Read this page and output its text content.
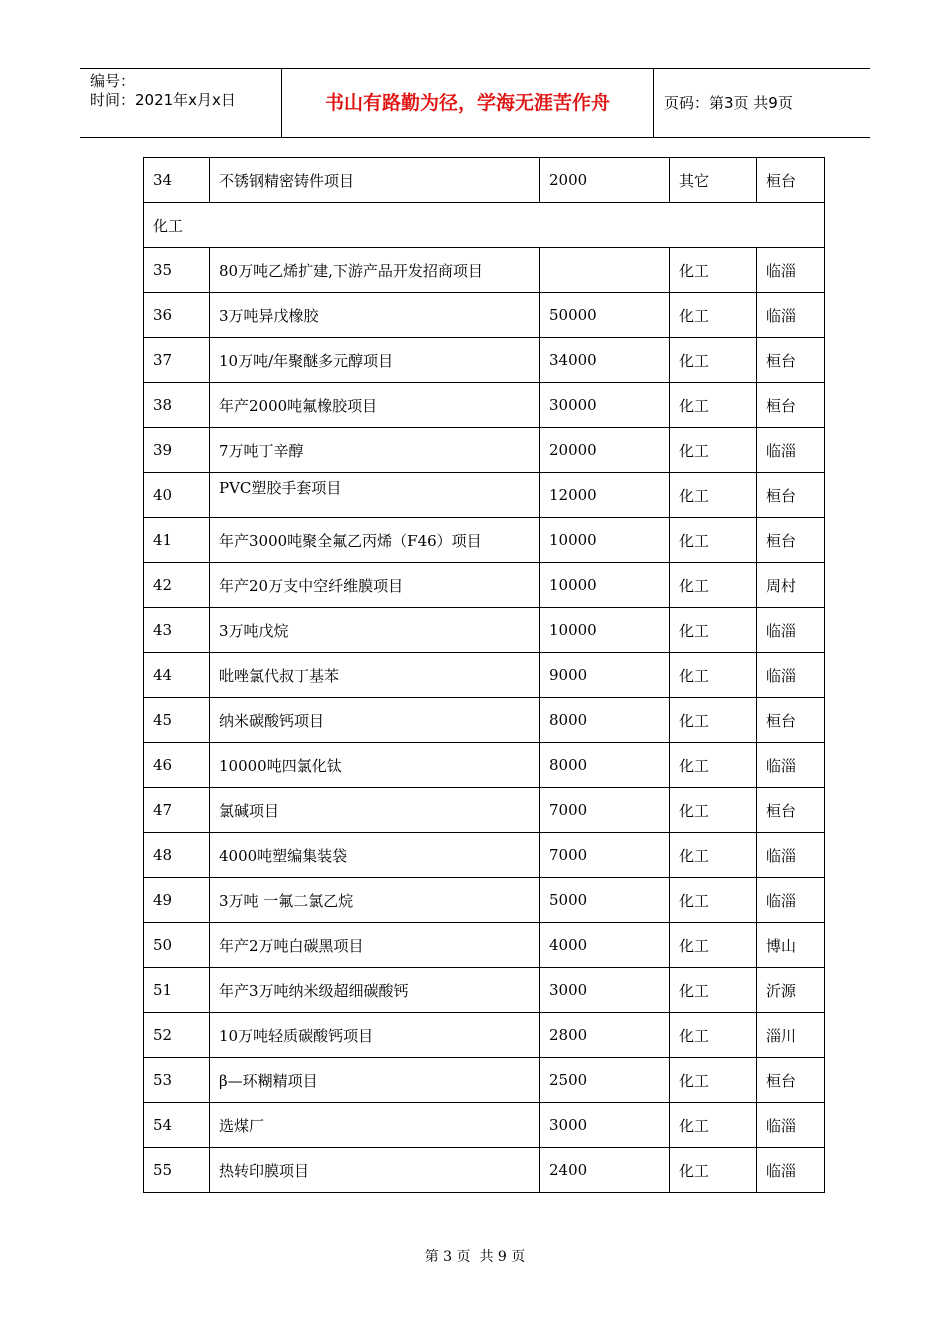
编号：
时间：2021年x月x日	书山有路勤为径，学海无涯苦作舟	页码：第3页 共9页
34	不锈钢精密铸件项目	2000	其它	桓台
化工				
35	80万吨乙烯扩建,下游产品开发招商项目		化工	临淄
36	3万吨异戊橡胶	50000	化工	临淄
37	10万吨/年聚醚多元醇项目	34000	化工	桓台
38	年产2000吨氟橡胶项目	30000	化工	桓台
39	7万吨丁辛醇	20000	化工	临淄
40	PVC塑胶手套项目	12000	化工	桓台
41	年产3000吨聚全氟乙丙烯（F46）项目	10000	化工	桓台
42	年产20万支中空纤维膜项目	10000	化工	周村
43	3万吨戊烷	10000	化工	临淄
44	吡唑氯代叔丁基苯	9000	化工	临淄
45	纳米碳酸钙项目	8000	化工	桓台
46	10000吨四氯化钛	8000	化工	临淄
47	氯碱项目	7000	化工	桓台
48	4000吨塑编集装袋	7000	化工	临淄
49	3万吨 一氟二氯乙烷	5000	化工	临淄
50	年产2万吨白碳黑项目	4000	化工	博山
51	年产3万吨纳米级超细碳酸钙	3000	化工	沂源
52	10万吨轻质碳酸钙项目	2800	化工	淄川
53	β—环糊精项目	2500	化工	桓台
54	选煤厂	3000	化工	临淄
55	热转印膜项目	2400	化工	临淄
第 3 页  共 9 页
